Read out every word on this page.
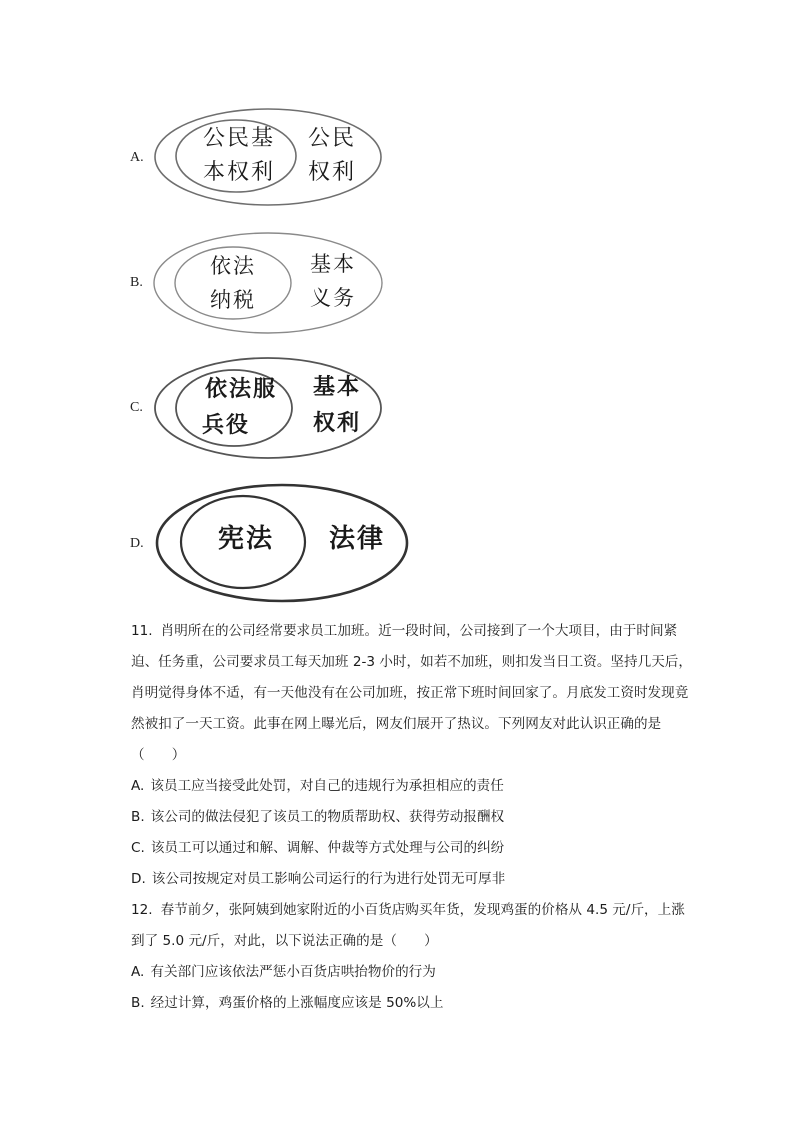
A.
公民基
本权利
公民
权利
B.
依法
纳税
基本
义务
C.
依法服
兵役
基本
权利
D.	宪法	法律

11. 肖明所在的公司经常要求员工加班。近一段时间，公司接到了一个大项目，由于时间紧迫、任务重，公司要求员工每天加班 2-3 小时，如若不加班，则扣发当日工资。坚持几天后，肖明觉得身体不适，有一天他没有在公司加班，按正常下班时间回家了。月底发工资时发现竟然被扣了一天工资。此事在网上曝光后，网友们展开了热议。下列网友对此认识正确的是（　　）

A. 该员工应当接受此处罚，对自己的违规行为承担相应的责任

B. 该公司的做法侵犯了该员工的物质帮助权、获得劳动报酬权

C. 该员工可以通过和解、调解、仲裁等方式处理与公司的纠纷

D. 该公司按规定对员工影响公司运行的行为进行处罚无可厚非

12. 春节前夕，张阿姨到她家附近的小百货店购买年货，发现鸡蛋的价格从 4.5 元/斤，上涨到了 5.0 元/斤，对此，以下说法正确的是（　　）

A. 有关部门应该依法严惩小百货店哄抬物价的行为

B. 经过计算，鸡蛋价格的上涨幅度应该是 50%以上
